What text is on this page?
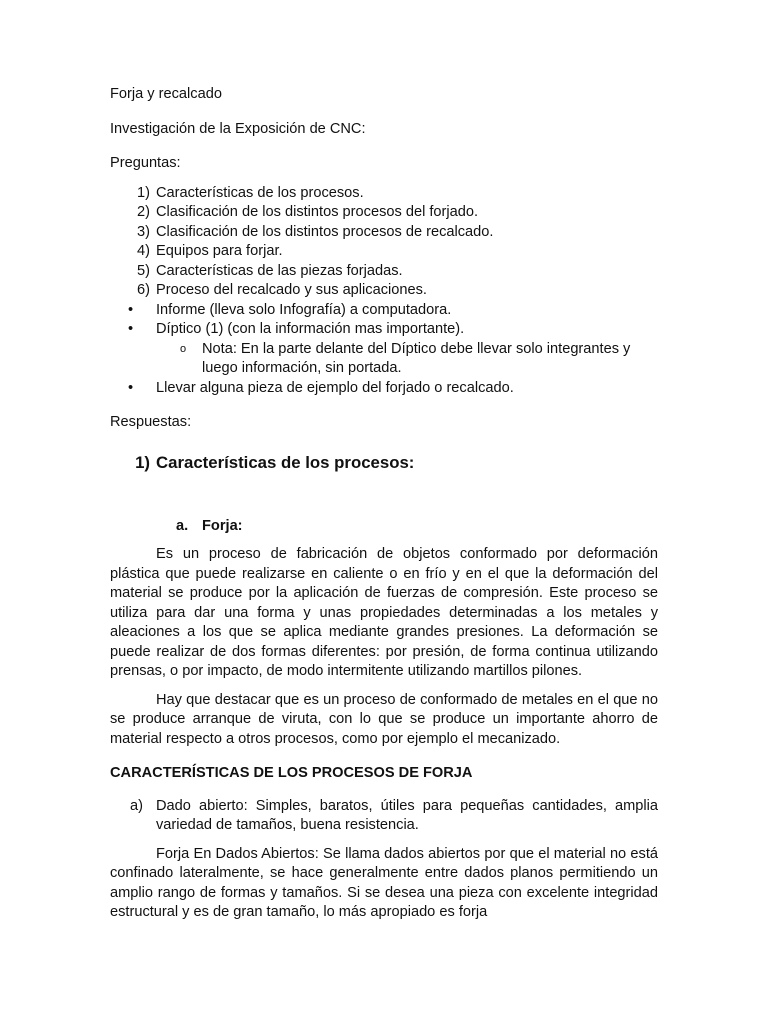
Forja y recalcado

Investigación de la Exposición de CNC:

Preguntas:

1) Características de los procesos.
2) Clasificación de los distintos procesos del forjado.
3) Clasificación de los distintos procesos de recalcado.
4) Equipos para forjar.
5) Características de las piezas forjadas.
6) Proceso del recalcado y sus aplicaciones.
• Informe (lleva solo Infografía) a computadora.
• Díptico (1) (con la información mas importante).
o Nota: En la parte delante del Díptico debe llevar solo integrantes y luego información, sin portada.
• Llevar alguna pieza de ejemplo del forjado o recalcado.

Respuestas:

1) Características de los procesos:
a. Forja:

Es un proceso de fabricación de objetos conformado por deformación plástica que puede realizarse en caliente o en frío y en el que la deformación del material se produce por la aplicación de fuerzas de compresión. Este proceso se utiliza para dar una forma y unas propiedades determinadas a los metales y aleaciones a los que se aplica mediante grandes presiones. La deformación se puede realizar de dos formas diferentes: por presión, de forma continua utilizando prensas, o por impacto, de modo intermitente utilizando martillos pilones.

Hay que destacar que es un proceso de conformado de metales en el que no se produce arranque de viruta, con lo que se produce un importante ahorro de material respecto a otros procesos, como por ejemplo el mecanizado.

CARACTERÍSTICAS DE LOS PROCESOS DE FORJA

a) Dado abierto: Simples, baratos, útiles para pequeñas cantidades, amplia variedad de tamaños, buena resistencia.

Forja En Dados Abiertos: Se llama dados abiertos por que el material no está confinado lateralmente, se hace generalmente entre dados planos permitiendo un amplio rango de formas y tamaños. Si se desea una pieza con excelente integridad estructural y es de gran tamaño, lo más apropiado es forja
